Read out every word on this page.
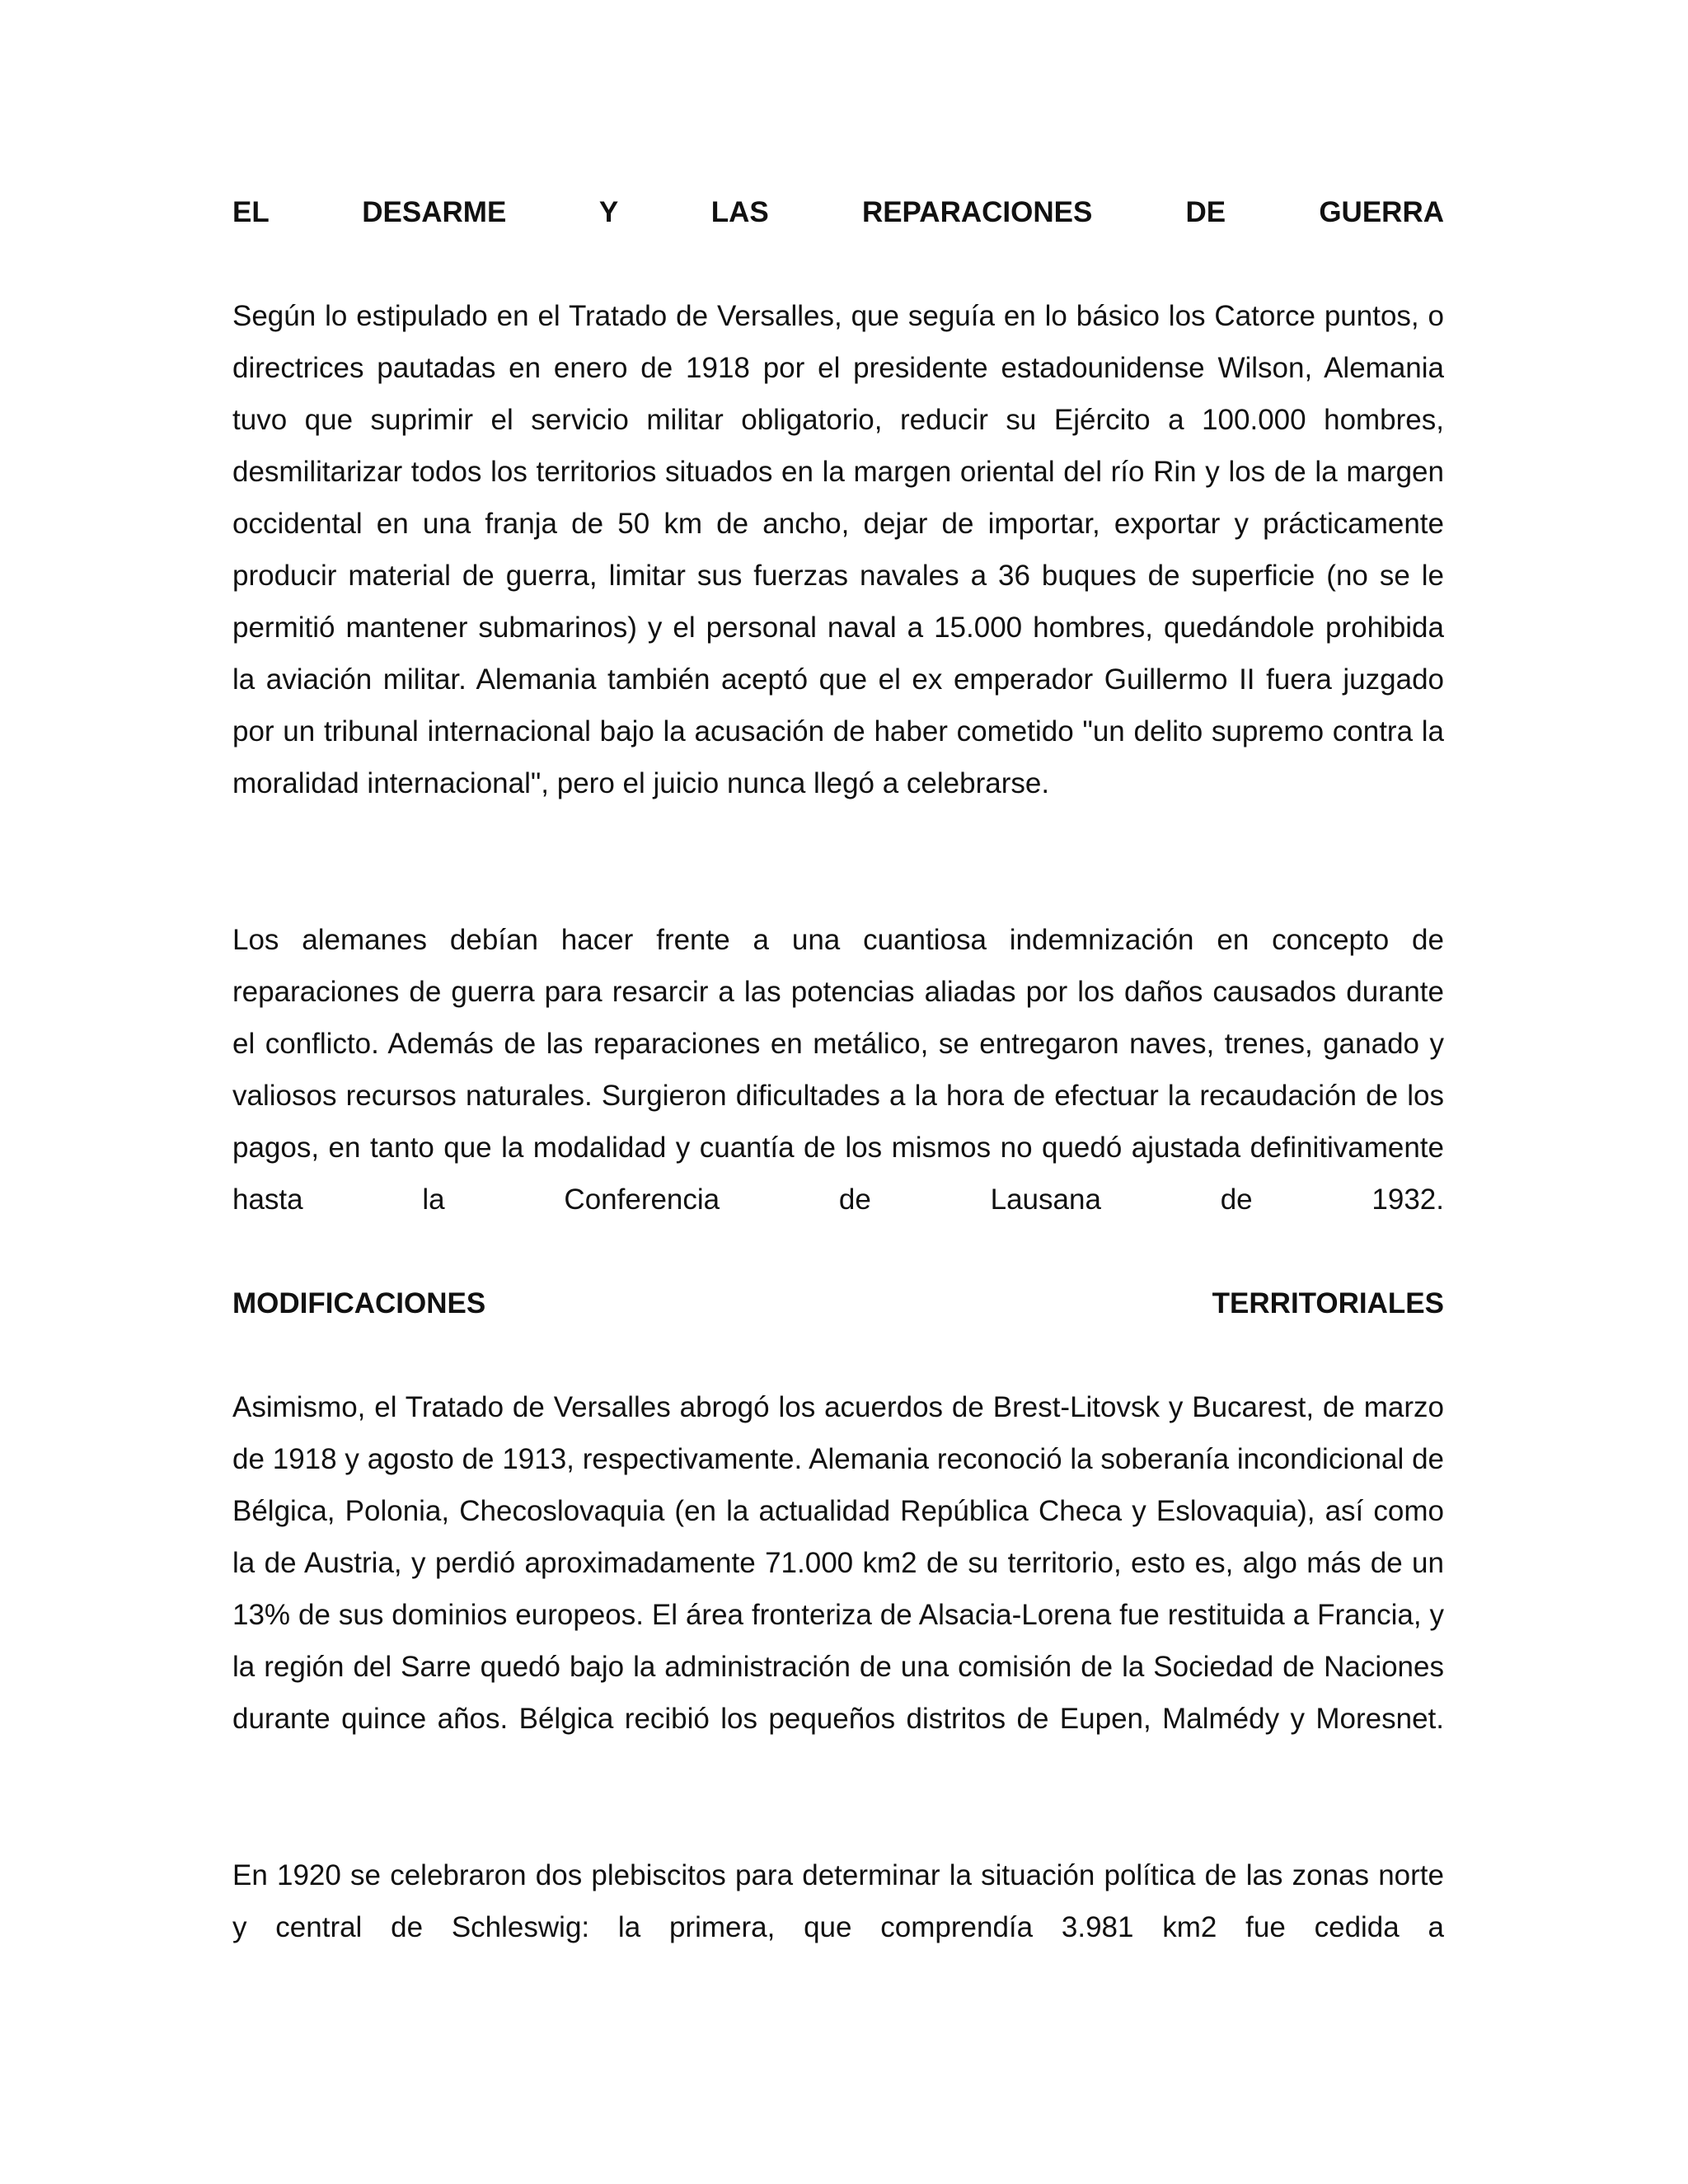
EL DESARME Y LAS REPARACIONES DE GUERRA

Según lo estipulado en el Tratado de Versalles, que seguía en lo básico los Catorce puntos, o directrices pautadas en enero de 1918 por el presidente estadounidense Wilson, Alemania tuvo que suprimir el servicio militar obligatorio, reducir su Ejército a 100.000 hombres, desmilitarizar todos los territorios situados en la margen oriental del río Rin y los de la margen occidental en una franja de 50 km de ancho, dejar de importar, exportar y prácticamente producir material de guerra, limitar sus fuerzas navales a 36 buques de superficie (no se le permitió mantener submarinos) y el personal naval a 15.000 hombres, quedándole prohibida la aviación militar. Alemania también aceptó que el ex emperador Guillermo II fuera juzgado por un tribunal internacional bajo la acusación de haber cometido "un delito supremo contra la moralidad internacional", pero el juicio nunca llegó a celebrarse.

Los alemanes debían hacer frente a una cuantiosa indemnización en concepto de reparaciones de guerra para resarcir a las potencias aliadas por los daños causados durante el conflicto. Además de las reparaciones en metálico, se entregaron naves, trenes, ganado y valiosos recursos naturales. Surgieron dificultades a la hora de efectuar la recaudación de los pagos, en tanto que la modalidad y cuantía de los mismos no quedó ajustada definitivamente hasta la Conferencia de Lausana de 1932.

MODIFICACIONES TERRITORIALES

Asimismo, el Tratado de Versalles abrogó los acuerdos de Brest-Litovsk y Bucarest, de marzo de 1918 y agosto de 1913, respectivamente. Alemania reconoció la soberanía incondicional de Bélgica, Polonia, Checoslovaquia (en la actualidad República Checa y Eslovaquia), así como la de Austria, y perdió aproximadamente 71.000 km2 de su territorio, esto es, algo más de un 13% de sus dominios europeos. El área fronteriza de Alsacia-Lorena fue restituida a Francia, y la región del Sarre quedó bajo la administración de una comisión de la Sociedad de Naciones durante quince años. Bélgica recibió los pequeños distritos de Eupen, Malmédy y Moresnet.

En 1920 se celebraron dos plebiscitos para determinar la situación política de las zonas norte y central de Schleswig: la primera, que comprendía 3.981 km2 fue cedida a
